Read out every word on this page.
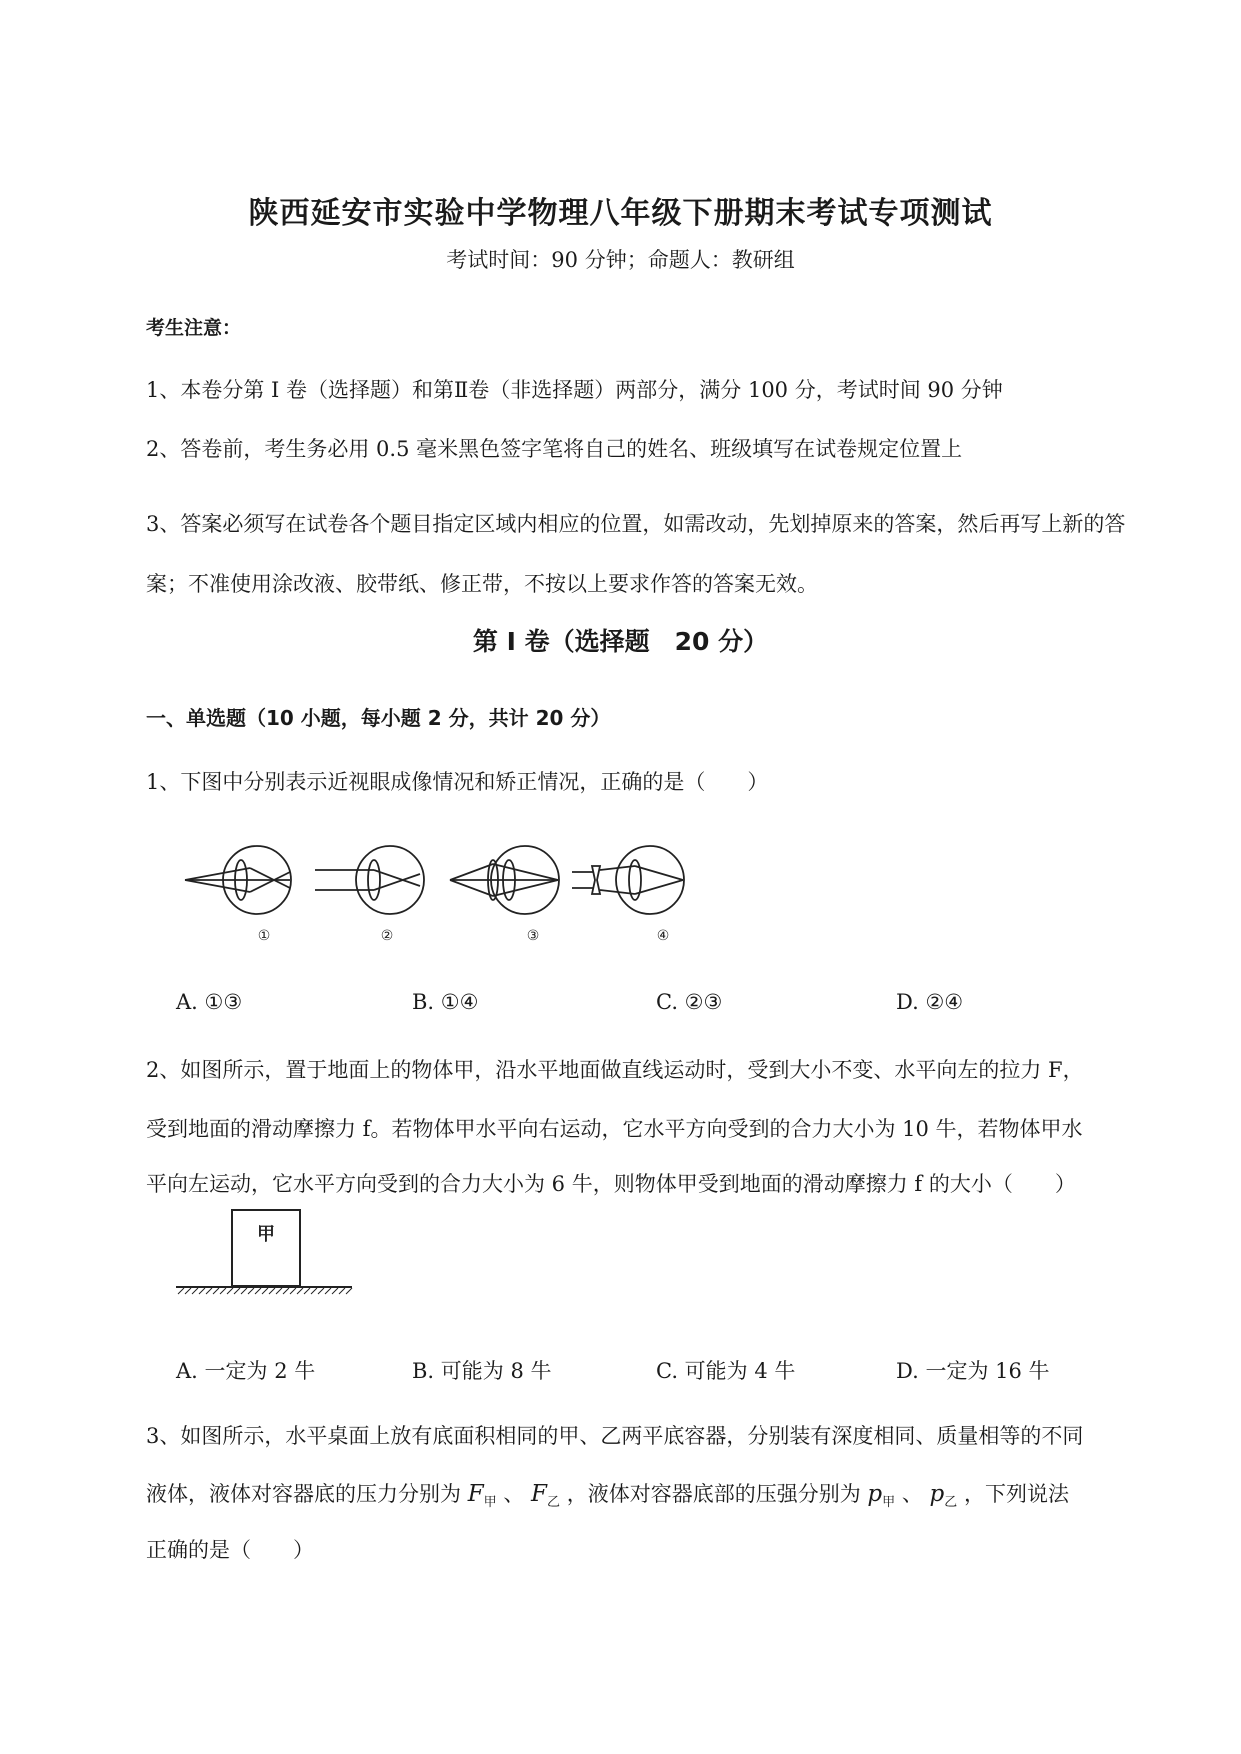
陕西延安市实验中学物理八年级下册期末考试专项测试
考试时间：90 分钟；命题人：教研组
考生注意：
1、本卷分第 I 卷（选择题）和第Ⅱ卷（非选择题）两部分，满分 100 分，考试时间 90 分钟
2、答卷前，考生务必用 0.5 毫米黑色签字笔将自己的姓名、班级填写在试卷规定位置上
3、答案必须写在试卷各个题目指定区域内相应的位置，如需改动，先划掉原来的答案，然后再写上新的答案；不准使用涂改液、胶带纸、修正带，不按以上要求作答的答案无效。
第 I 卷（选择题　20 分）
一、单选题（10 小题，每小题 2 分，共计 20 分）
1、下图中分别表示近视眼成像情况和矫正情况，正确的是（　　）
①	②	③	④
A. ①③	B. ①④	C. ②③	D. ②④
2、如图所示，置于地面上的物体甲，沿水平地面做直线运动时，受到大小不变、水平向左的拉力 F，
受到地面的滑动摩擦力 f。若物体甲水平向右运动，它水平方向受到的合力大小为 10 牛，若物体甲水
平向左运动，它水平方向受到的合力大小为 6 牛，则物体甲受到地面的滑动摩擦力 f 的大小（　　）
甲
A. 一定为 2 牛	B. 可能为 8 牛	C. 可能为 4 牛	D. 一定为 16 牛
3、如图所示，水平桌面上放有底面积相同的甲、乙两平底容器，分别装有深度相同、质量相等的不同
液体，液体对容器底的压力分别为 $F_甲$ 、 $F_乙$ ，液体对容器底部的压强分别为 $p_甲$ 、 $p_乙$ ，下列说法
正确的是（　　）
